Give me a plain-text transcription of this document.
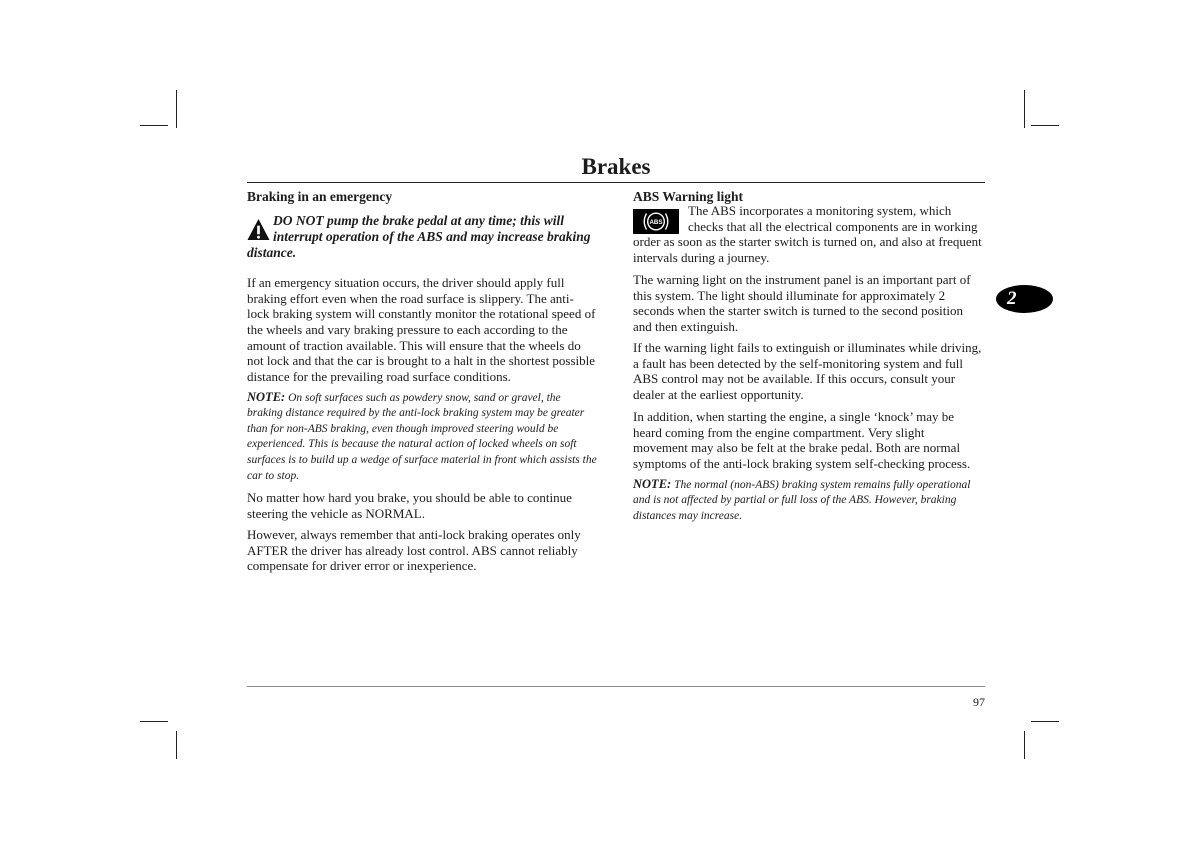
Brakes
2
Braking in an emergency
DO NOT pump the brake pedal at any time; this will
interrupt operation of the ABS and may increase braking
distance.
If an emergency situation occurs, the driver should apply full
braking effort even when the road surface is slippery. The anti-
lock braking system will constantly monitor the rotational speed of
the wheels and vary braking pressure to each according to the
amount of traction available. This will ensure that the wheels do
not lock and that the car is brought to a halt in the shortest possible
distance for the prevailing road surface conditions.
NOTE: On soft surfaces such as powdery snow, sand or gravel, the
braking distance required by the anti-lock braking system may be greater
than for non-ABS braking, even though improved steering would be
experienced. This is because the natural action of locked wheels on soft
surfaces is to build up a wedge of surface material in front which assists the
car to stop.
No matter how hard you brake, you should be able to continue
steering the vehicle as NORMAL.
However, always remember that anti-lock braking operates only
AFTER the driver has already lost control. ABS cannot reliably
compensate for driver error or inexperience.
ABS Warning light
ABS
The ABS incorporates a monitoring system, which
checks that all the electrical components are in working
order as soon as the starter switch is turned on, and also at frequent
intervals during a journey.
The warning light on the instrument panel is an important part of
this system. The light should illuminate for approximately 2
seconds when the starter switch is turned to the second position
and then extinguish.
If the warning light fails to extinguish or illuminates while driving,
a fault has been detected by the self-monitoring system and full
ABS control may not be available. If this occurs, consult your
dealer at the earliest opportunity.
In addition, when starting the engine, a single ‘knock’ may be
heard coming from the engine compartment. Very slight
movement may also be felt at the brake pedal. Both are normal
symptoms of the anti-lock braking system self-checking process.
NOTE: The normal (non-ABS) braking system remains fully operational
and is not affected by partial or full loss of the ABS. However, braking
distances may increase.
97
